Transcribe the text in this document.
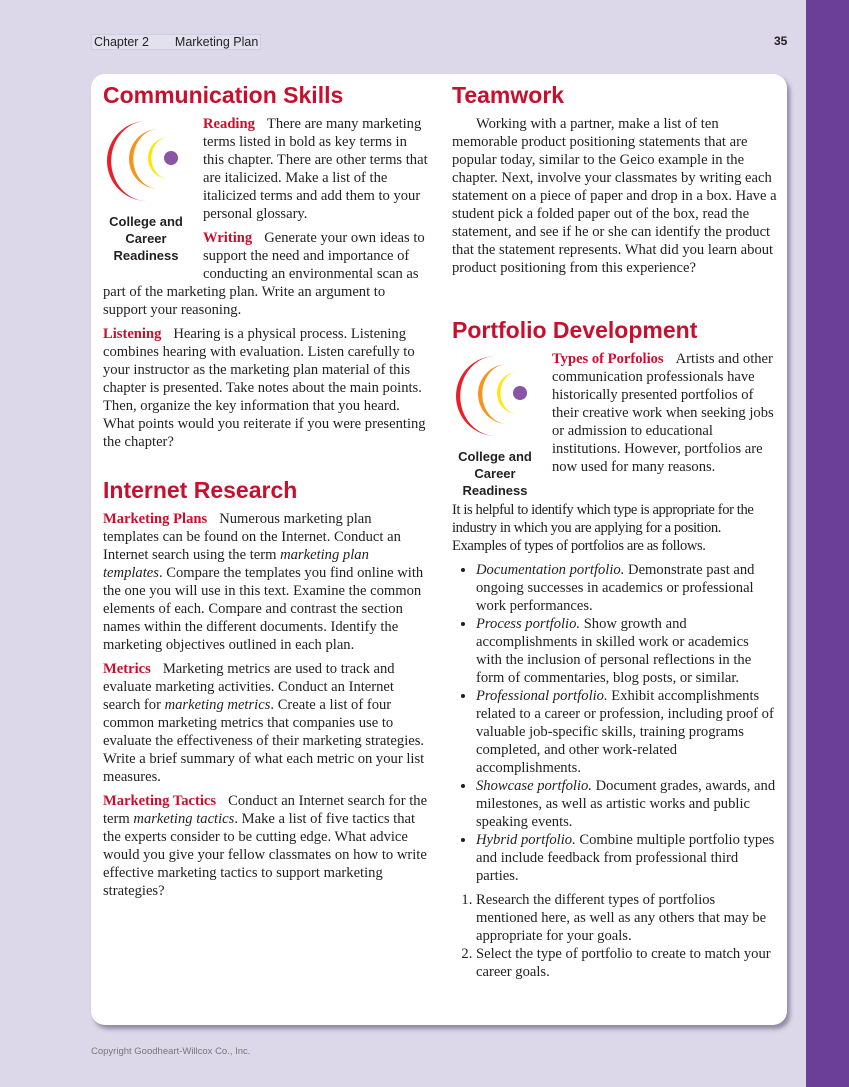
Chapter 2 Marketing Plan	35
Communication Skills
College and Career Readiness

Reading There are many marketing terms listed in bold as key terms in this chapter. There are other terms that are italicized. Make a list of the italicized terms and add them to your personal glossary.

Writing Generate your own ideas to support the need and importance of conducting an environmental scan as part of the marketing plan. Write an argument to support your reasoning.

Listening Hearing is a physical process. Listening combines hearing with evaluation. Listen carefully to your instructor as the marketing plan material of this chapter is presented. Take notes about the main points. Then, organize the key information that you heard. What points would you reiterate if you were presenting the chapter?

Internet Research

Marketing Plans Numerous marketing plan templates can be found on the Internet. Conduct an Internet search using the term marketing plan templates. Compare the templates you find online with the one you will use in this text. Examine the common elements of each. Compare and contrast the section names within the different documents. Identify the marketing objectives outlined in each plan.

Metrics Marketing metrics are used to track and evaluate marketing activities. Conduct an Internet search for marketing metrics. Create a list of four common marketing metrics that companies use to evaluate the effectiveness of their marketing strategies. Write a brief summary of what each metric on your list measures.

Marketing Tactics Conduct an Internet search for the term marketing tactics. Make a list of five tactics that the experts consider to be cutting edge. What advice would you give your fellow classmates on how to write effective marketing tactics to support marketing strategies?

Teamwork

Working with a partner, make a list of ten memorable product positioning statements that are popular today, similar to the Geico example in the chapter. Next, involve your classmates by writing each statement on a piece of paper and drop in a box. Have a student pick a folded paper out of the box, read the statement, and see if he or she can identify the product that the statement represents. What did you learn about product positioning from this experience?

Portfolio Development
College and Career Readiness

Types of Porfolios Artists and other communication professionals have historically presented portfolios of their creative work when seeking jobs or admission to educational institutions. However, portfolios are now used for many reasons.

It is helpful to identify which type is appropriate for the industry in which you are applying for a position. Examples of types of portfolios are as follows.

• Documentation portfolio. Demonstrate past and ongoing successes in academics or professional work performances.
• Process portfolio. Show growth and accomplishments in skilled work or academics with the inclusion of personal reflections in the form of commentaries, blog posts, or similar.
• Professional portfolio. Exhibit accomplishments related to a career or profession, including proof of valuable job-specific skills, training programs completed, and other work-related accomplishments.
• Showcase portfolio. Document grades, awards, and milestones, as well as artistic works and public speaking events.
• Hybrid portfolio. Combine multiple portfolio types and include feedback from professional third parties.
1. Research the different types of portfolios mentioned here, as well as any others that may be appropriate for your goals.
2. Select the type of portfolio to create to match your career goals.
Copyright Goodheart-Willcox Co., Inc.
